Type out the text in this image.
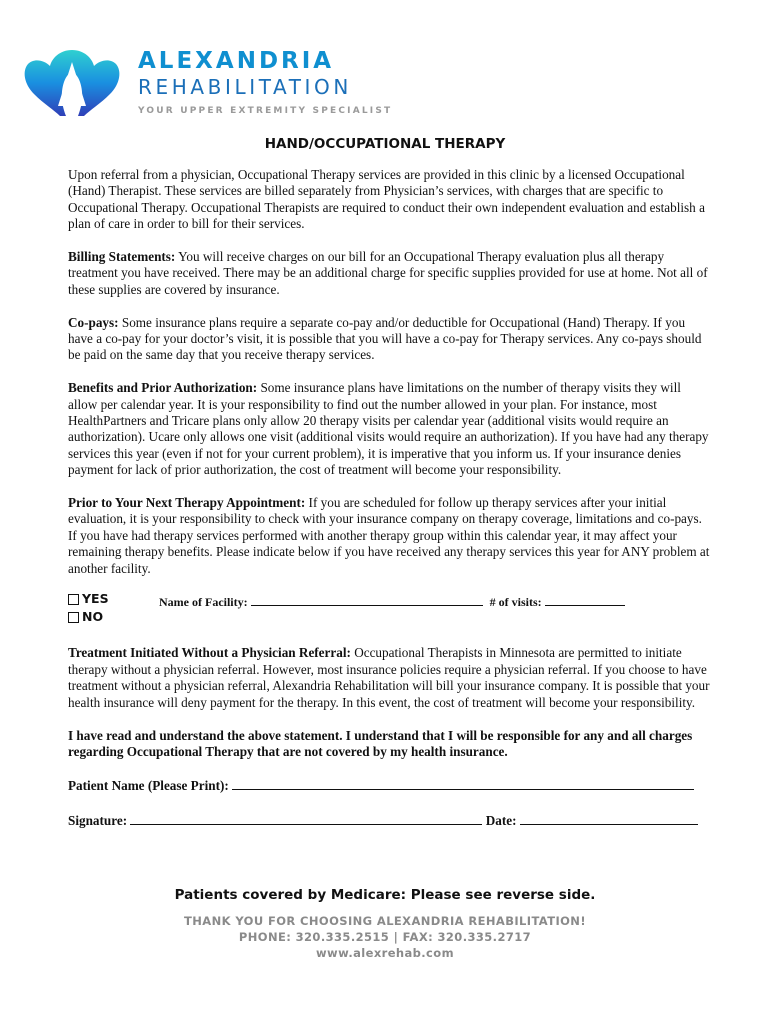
ALEXANDRIA
REHABILITATION
YOUR UPPER EXTREMITY SPECIALIST
HAND/OCCUPATIONAL THERAPY

Upon referral from a physician, Occupational Therapy services are provided in this clinic by a licensed Occupational (Hand) Therapist. These services are billed separately from Physician’s services, with charges that are specific to Occupational Therapy. Occupational Therapists are required to conduct their own independent evaluation and establish a plan of care in order to bill for their services.

Billing Statements: You will receive charges on our bill for an Occupational Therapy evaluation plus all therapy treatment you have received. There may be an additional charge for specific supplies provided for use at home. Not all of these supplies are covered by insurance.

Co-pays: Some insurance plans require a separate co-pay and/or deductible for Occupational (Hand) Therapy. If you have a co-pay for your doctor’s visit, it is possible that you will have a co-pay for Therapy services. Any co-pays should be paid on the same day that you receive therapy services.

Benefits and Prior Authorization: Some insurance plans have limitations on the number of therapy visits they will allow per calendar year. It is your responsibility to find out the number allowed in your plan. For instance, most HealthPartners and Tricare plans only allow 20 therapy visits per calendar year (additional visits would require an authorization). Ucare only allows one visit (additional visits would require an authorization). If you have had any therapy services this year (even if not for your current problem), it is imperative that you inform us. If your insurance denies payment for lack of prior authorization, the cost of treatment will become your responsibility.

Prior to Your Next Therapy Appointment: If you are scheduled for follow up therapy services after your initial evaluation, it is your responsibility to check with your insurance company on therapy coverage, limitations and co-pays. If you have had therapy services performed with another therapy group within this calendar year, it may affect your remaining therapy benefits. Please indicate below if you have received any therapy services this year for ANY problem at another facility.

YES
NO
Name of Facility:	# of visits:

Treatment Initiated Without a Physician Referral: Occupational Therapists in Minnesota are permitted to initiate therapy without a physician referral. However, most insurance policies require a physician referral. If you choose to have treatment without a physician referral, Alexandria Rehabilitation will bill your insurance company. It is possible that your health insurance will deny payment for the therapy. In this event, the cost of treatment will become your responsibility.

I have read and understand the above statement. I understand that I will be responsible for any and all charges regarding Occupational Therapy that are not covered by my health insurance.

Patient Name (Please Print):

Signature:	Date:

Patients covered by Medicare: Please see reverse side.
THANK YOU FOR CHOOSING ALEXANDRIA REHABILITATION!
PHONE: 320.335.2515 | FAX: 320.335.2717
www.alexrehab.com
